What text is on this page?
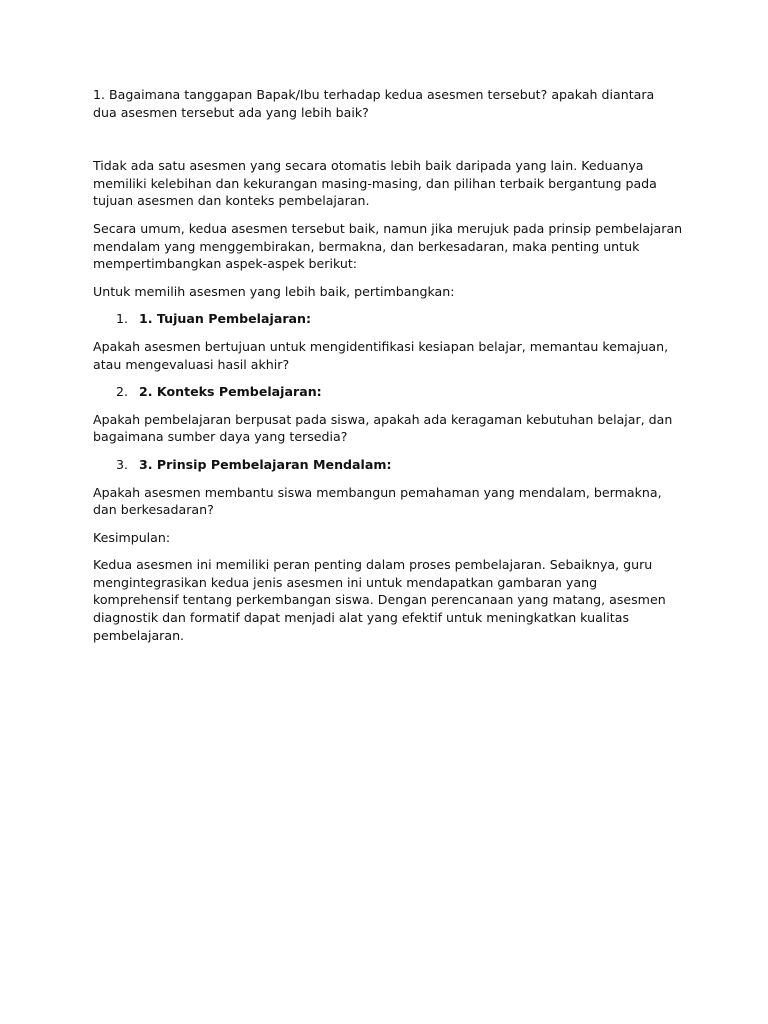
1. Bagaimana tanggapan Bapak/Ibu terhadap kedua asesmen tersebut? apakah diantara
dua asesmen tersebut ada yang lebih baik?

Tidak ada satu asesmen yang secara otomatis lebih baik daripada yang lain. Keduanya memiliki kelebihan dan kekurangan masing-masing, dan pilihan terbaik bergantung pada tujuan asesmen dan konteks pembelajaran.

Secara umum, kedua asesmen tersebut baik, namun jika merujuk pada prinsip pembelajaran mendalam yang menggembirakan, bermakna, dan berkesadaran, maka penting untuk mempertimbangkan aspek-aspek berikut:

Untuk memilih asesmen yang lebih baik, pertimbangkan:

1. 1. Tujuan Pembelajaran:

Apakah asesmen bertujuan untuk mengidentifikasi kesiapan belajar, memantau kemajuan, atau mengevaluasi hasil akhir?

2. 2. Konteks Pembelajaran:

Apakah pembelajaran berpusat pada siswa, apakah ada keragaman kebutuhan belajar, dan bagaimana sumber daya yang tersedia?

3. 3. Prinsip Pembelajaran Mendalam:

Apakah asesmen membantu siswa membangun pemahaman yang mendalam, bermakna, dan berkesadaran?

Kesimpulan:

Kedua asesmen ini memiliki peran penting dalam proses pembelajaran. Sebaiknya, guru mengintegrasikan kedua jenis asesmen ini untuk mendapatkan gambaran yang komprehensif tentang perkembangan siswa. Dengan perencanaan yang matang, asesmen diagnostik dan formatif dapat menjadi alat yang efektif untuk meningkatkan kualitas pembelajaran.
